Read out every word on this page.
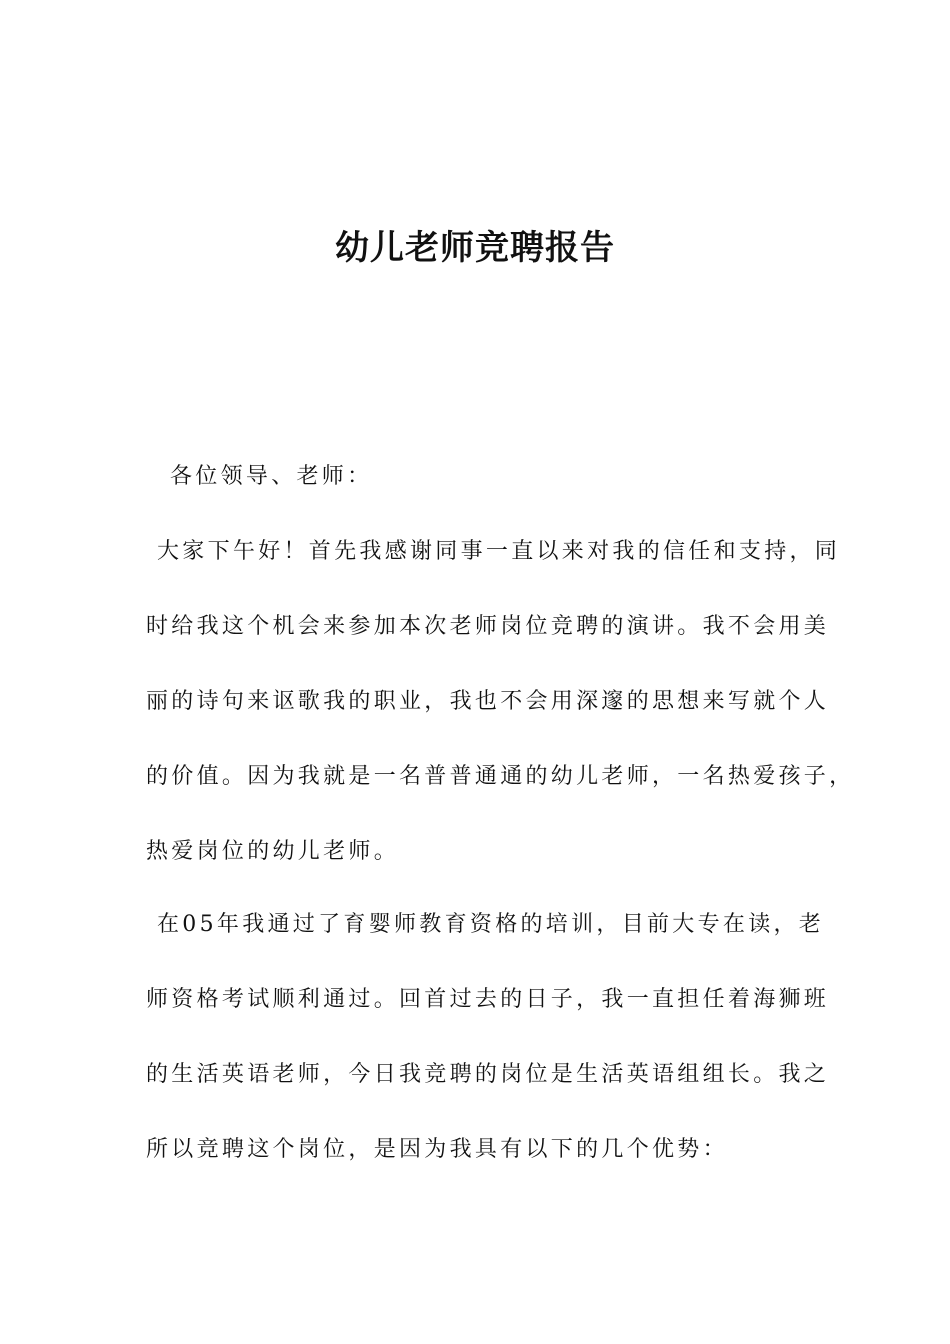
幼儿老师竞聘报告
各位领导、老师：
大家下午好！首先我感谢同事一直以来对我的信任和支持，同
时给我这个机会来参加本次老师岗位竞聘的演讲。我不会用美
丽的诗句来讴歌我的职业，我也不会用深邃的思想来写就个人
的价值。因为我就是一名普普通通的幼儿老师，一名热爱孩子，
热爱岗位的幼儿老师。
在05年我通过了育婴师教育资格的培训，目前大专在读，老
师资格考试顺利通过。回首过去的日子，我一直担任着海狮班
的生活英语老师，今日我竞聘的岗位是生活英语组组长。我之
所以竞聘这个岗位，是因为我具有以下的几个优势：
